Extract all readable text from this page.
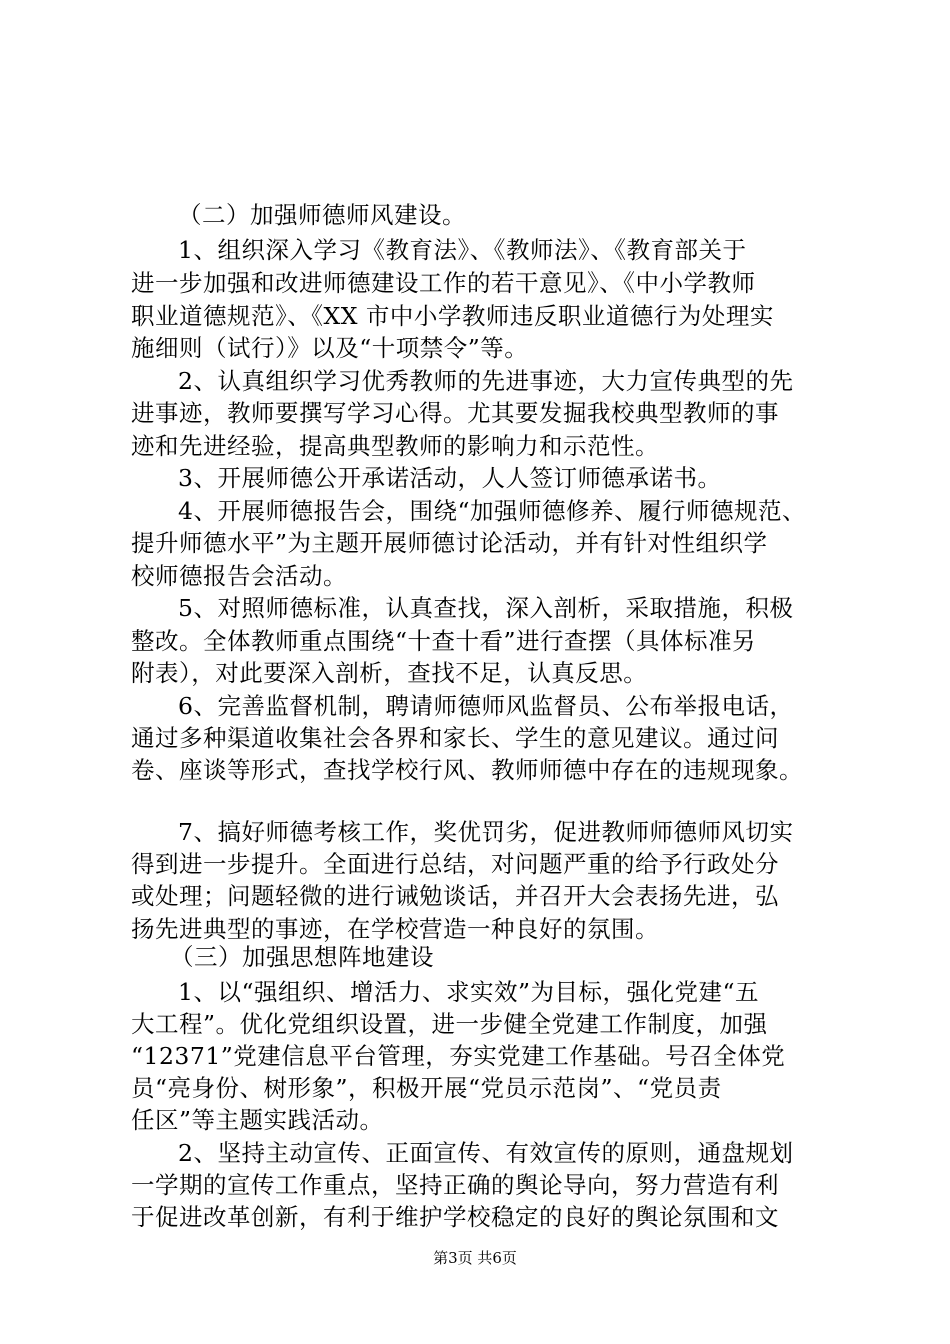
（二）加强师德师风建设。
1、组织深入学习《教育法》、《教师法》、《教育部关于
进一步加强和改进师德建设工作的若干意见》、《中小学教师
职业道德规范》、《XX 市中小学教师违反职业道德行为处理实
施细则（试行）》以及“十项禁令”等。
2、认真组织学习优秀教师的先进事迹，大力宣传典型的先
进事迹，教师要撰写学习心得。尤其要发掘我校典型教师的事
迹和先进经验，提高典型教师的影响力和示范性。
3、开展师德公开承诺活动，人人签订师德承诺书。
4、开展师德报告会，围绕“加强师德修养、履行师德规范、
提升师德水平”为主题开展师德讨论活动，并有针对性组织学
校师德报告会活动。
5、对照师德标准，认真查找，深入剖析，采取措施，积极
整改。全体教师重点围绕“十查十看”进行查摆（具体标准另
附表），对此要深入剖析，查找不足，认真反思。
6、完善监督机制，聘请师德师风监督员、公布举报电话，
通过多种渠道收集社会各界和家长、学生的意见建议。通过问
卷、座谈等形式，查找学校行风、教师师德中存在的违规现象。
7、搞好师德考核工作，奖优罚劣，促进教师师德师风切实
得到进一步提升。全面进行总结，对问题严重的给予行政处分
或处理；问题轻微的进行诫勉谈话，并召开大会表扬先进，弘
扬先进典型的事迹，在学校营造一种良好的氛围。
（三）加强思想阵地建设
1、以“强组织、增活力、求实效”为目标，强化党建“五
大工程”。优化党组织设置，进一步健全党建工作制度，加强
“12371”党建信息平台管理，夯实党建工作基础。号召全体党
员“亮身份、树形象”，积极开展“党员示范岗”、“党员责
任区”等主题实践活动。
2、坚持主动宣传、正面宣传、有效宣传的原则，通盘规划
一学期的宣传工作重点，坚持正确的舆论导向，努力营造有利
于促进改革创新，有利于维护学校稳定的良好的舆论氛围和文
第3页 共6页
